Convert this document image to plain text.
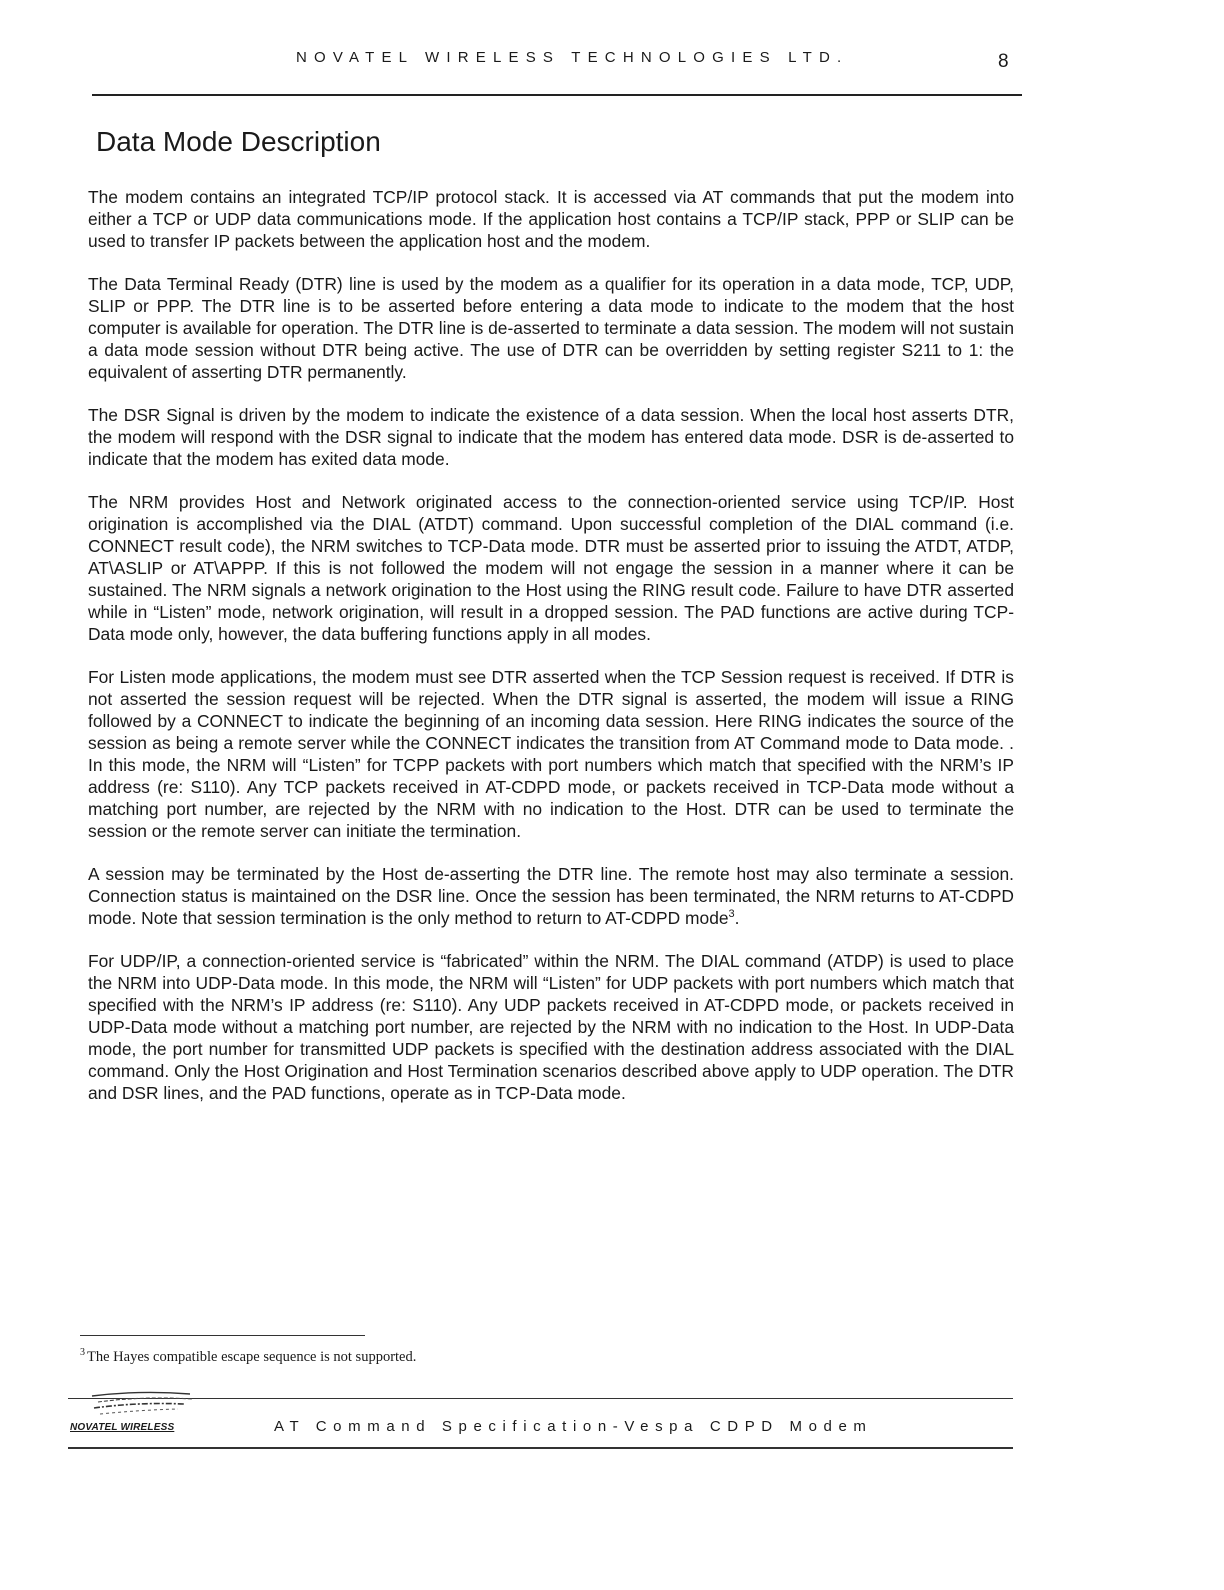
NOVATEL WIRELESS TECHNOLOGIES LTD.	8
Data Mode Description

The modem contains an integrated TCP/IP protocol stack. It is accessed via AT commands that put the modem into either a TCP or UDP data communications mode. If the application host contains a TCP/IP stack, PPP or SLIP can be used to transfer IP packets between the application host and the modem.

The Data Terminal Ready (DTR) line is used by the modem as a qualifier for its operation in a data mode, TCP, UDP, SLIP or PPP. The DTR line is to be asserted before entering a data mode to indicate to the modem that the host computer is available for operation. The DTR line is de-asserted to terminate a data session. The modem will not sustain a data mode session without DTR being active. The use of DTR can be overridden by setting register S211 to 1: the equivalent of asserting DTR permanently.

The DSR Signal is driven by the modem to indicate the existence of a data session. When the local host asserts DTR, the modem will respond with the DSR signal to indicate that the modem has entered data mode. DSR is de-asserted to indicate that the modem has exited data mode.

The NRM provides Host and Network originated access to the connection-oriented service using TCP/IP. Host origination is accomplished via the DIAL (ATDT) command. Upon successful completion of the DIAL command (i.e. CONNECT result code), the NRM switches to TCP-Data mode. DTR must be asserted prior to issuing the ATDT, ATDP, AT\ASLIP or AT\APPP. If this is not followed the modem will not engage the session in a manner where it can be sustained. The NRM signals a network origination to the Host using the RING result code. Failure to have DTR asserted while in “Listen” mode, network origination, will result in a dropped session. The PAD functions are active during TCP-Data mode only, however, the data buffering functions apply in all modes.

For Listen mode applications, the modem must see DTR asserted when the TCP Session request is received. If DTR is not asserted the session request will be rejected. When the DTR signal is asserted, the modem will issue a RING followed by a CONNECT to indicate the beginning of an incoming data session. Here RING indicates the source of the session as being a remote server while the CONNECT indicates the transition from AT Command mode to Data mode. . In this mode, the NRM will “Listen” for TCPP packets with port numbers which match that specified with the NRM’s IP address (re: S110). Any TCP packets received in AT-CDPD mode, or packets received in TCP-Data mode without a matching port number, are rejected by the NRM with no indication to the Host. DTR can be used to terminate the session or the remote server can initiate the termination.

A session may be terminated by the Host de-asserting the DTR line. The remote host may also terminate a session. Connection status is maintained on the DSR line. Once the session has been terminated, the NRM returns to AT-CDPD mode. Note that session termination is the only method to return to AT-CDPD mode$^3$.

For UDP/IP, a connection-oriented service is “fabricated” within the NRM. The DIAL command (ATDP) is used to place the NRM into UDP-Data mode. In this mode, the NRM will “Listen” for UDP packets with port numbers which match that specified with the NRM’s IP address (re: S110). Any UDP packets received in AT-CDPD mode, or packets received in UDP-Data mode without a matching port number, are rejected by the NRM with no indication to the Host. In UDP-Data mode, the port number for transmitted UDP packets is specified with the destination address associated with the DIAL command. Only the Host Origination and Host Termination scenarios described above apply to UDP operation. The DTR and DSR lines, and the PAD functions, operate as in TCP-Data mode.

$^3$ The Hayes compatible escape sequence is not supported.
NOVATEL WIRELESS	AT Command Specification-Vespa CDPD Modem
